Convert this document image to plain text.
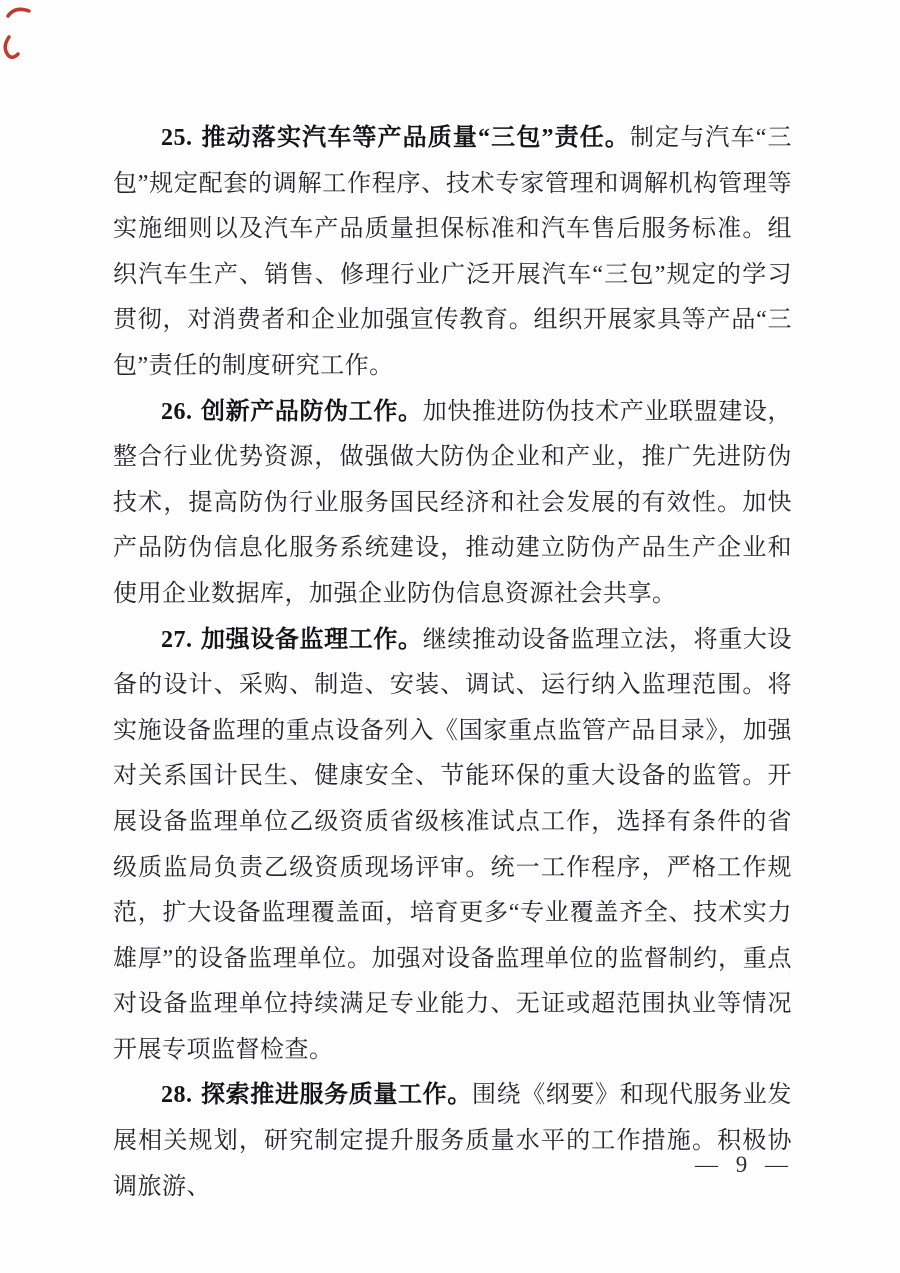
25. 推动落实汽车等产品质量“三包”责任。制定与汽车“三包”规定配套的调解工作程序、技术专家管理和调解机构管理等实施细则以及汽车产品质量担保标准和汽车售后服务标准。组织汽车生产、销售、修理行业广泛开展汽车“三包”规定的学习贯彻，对消费者和企业加强宣传教育。组织开展家具等产品“三包”责任的制度研究工作。

26. 创新产品防伪工作。加快推进防伪技术产业联盟建设，整合行业优势资源，做强做大防伪企业和产业，推广先进防伪技术，提高防伪行业服务国民经济和社会发展的有效性。加快产品防伪信息化服务系统建设，推动建立防伪产品生产企业和使用企业数据库，加强企业防伪信息资源社会共享。

27. 加强设备监理工作。继续推动设备监理立法，将重大设备的设计、采购、制造、安装、调试、运行纳入监理范围。将实施设备监理的重点设备列入《国家重点监管产品目录》，加强对关系国计民生、健康安全、节能环保的重大设备的监管。开展设备监理单位乙级资质省级核准试点工作，选择有条件的省级质监局负责乙级资质现场评审。统一工作程序，严格工作规范，扩大设备监理覆盖面，培育更多“专业覆盖齐全、技术实力雄厚”的设备监理单位。加强对设备监理单位的监督制约，重点对设备监理单位持续满足专业能力、无证或超范围执业等情况开展专项监督检查。

28. 探索推进服务质量工作。围绕《纲要》和现代服务业发展相关规划，研究制定提升服务质量水平的工作措施。积极协调旅游、

— 9 —
